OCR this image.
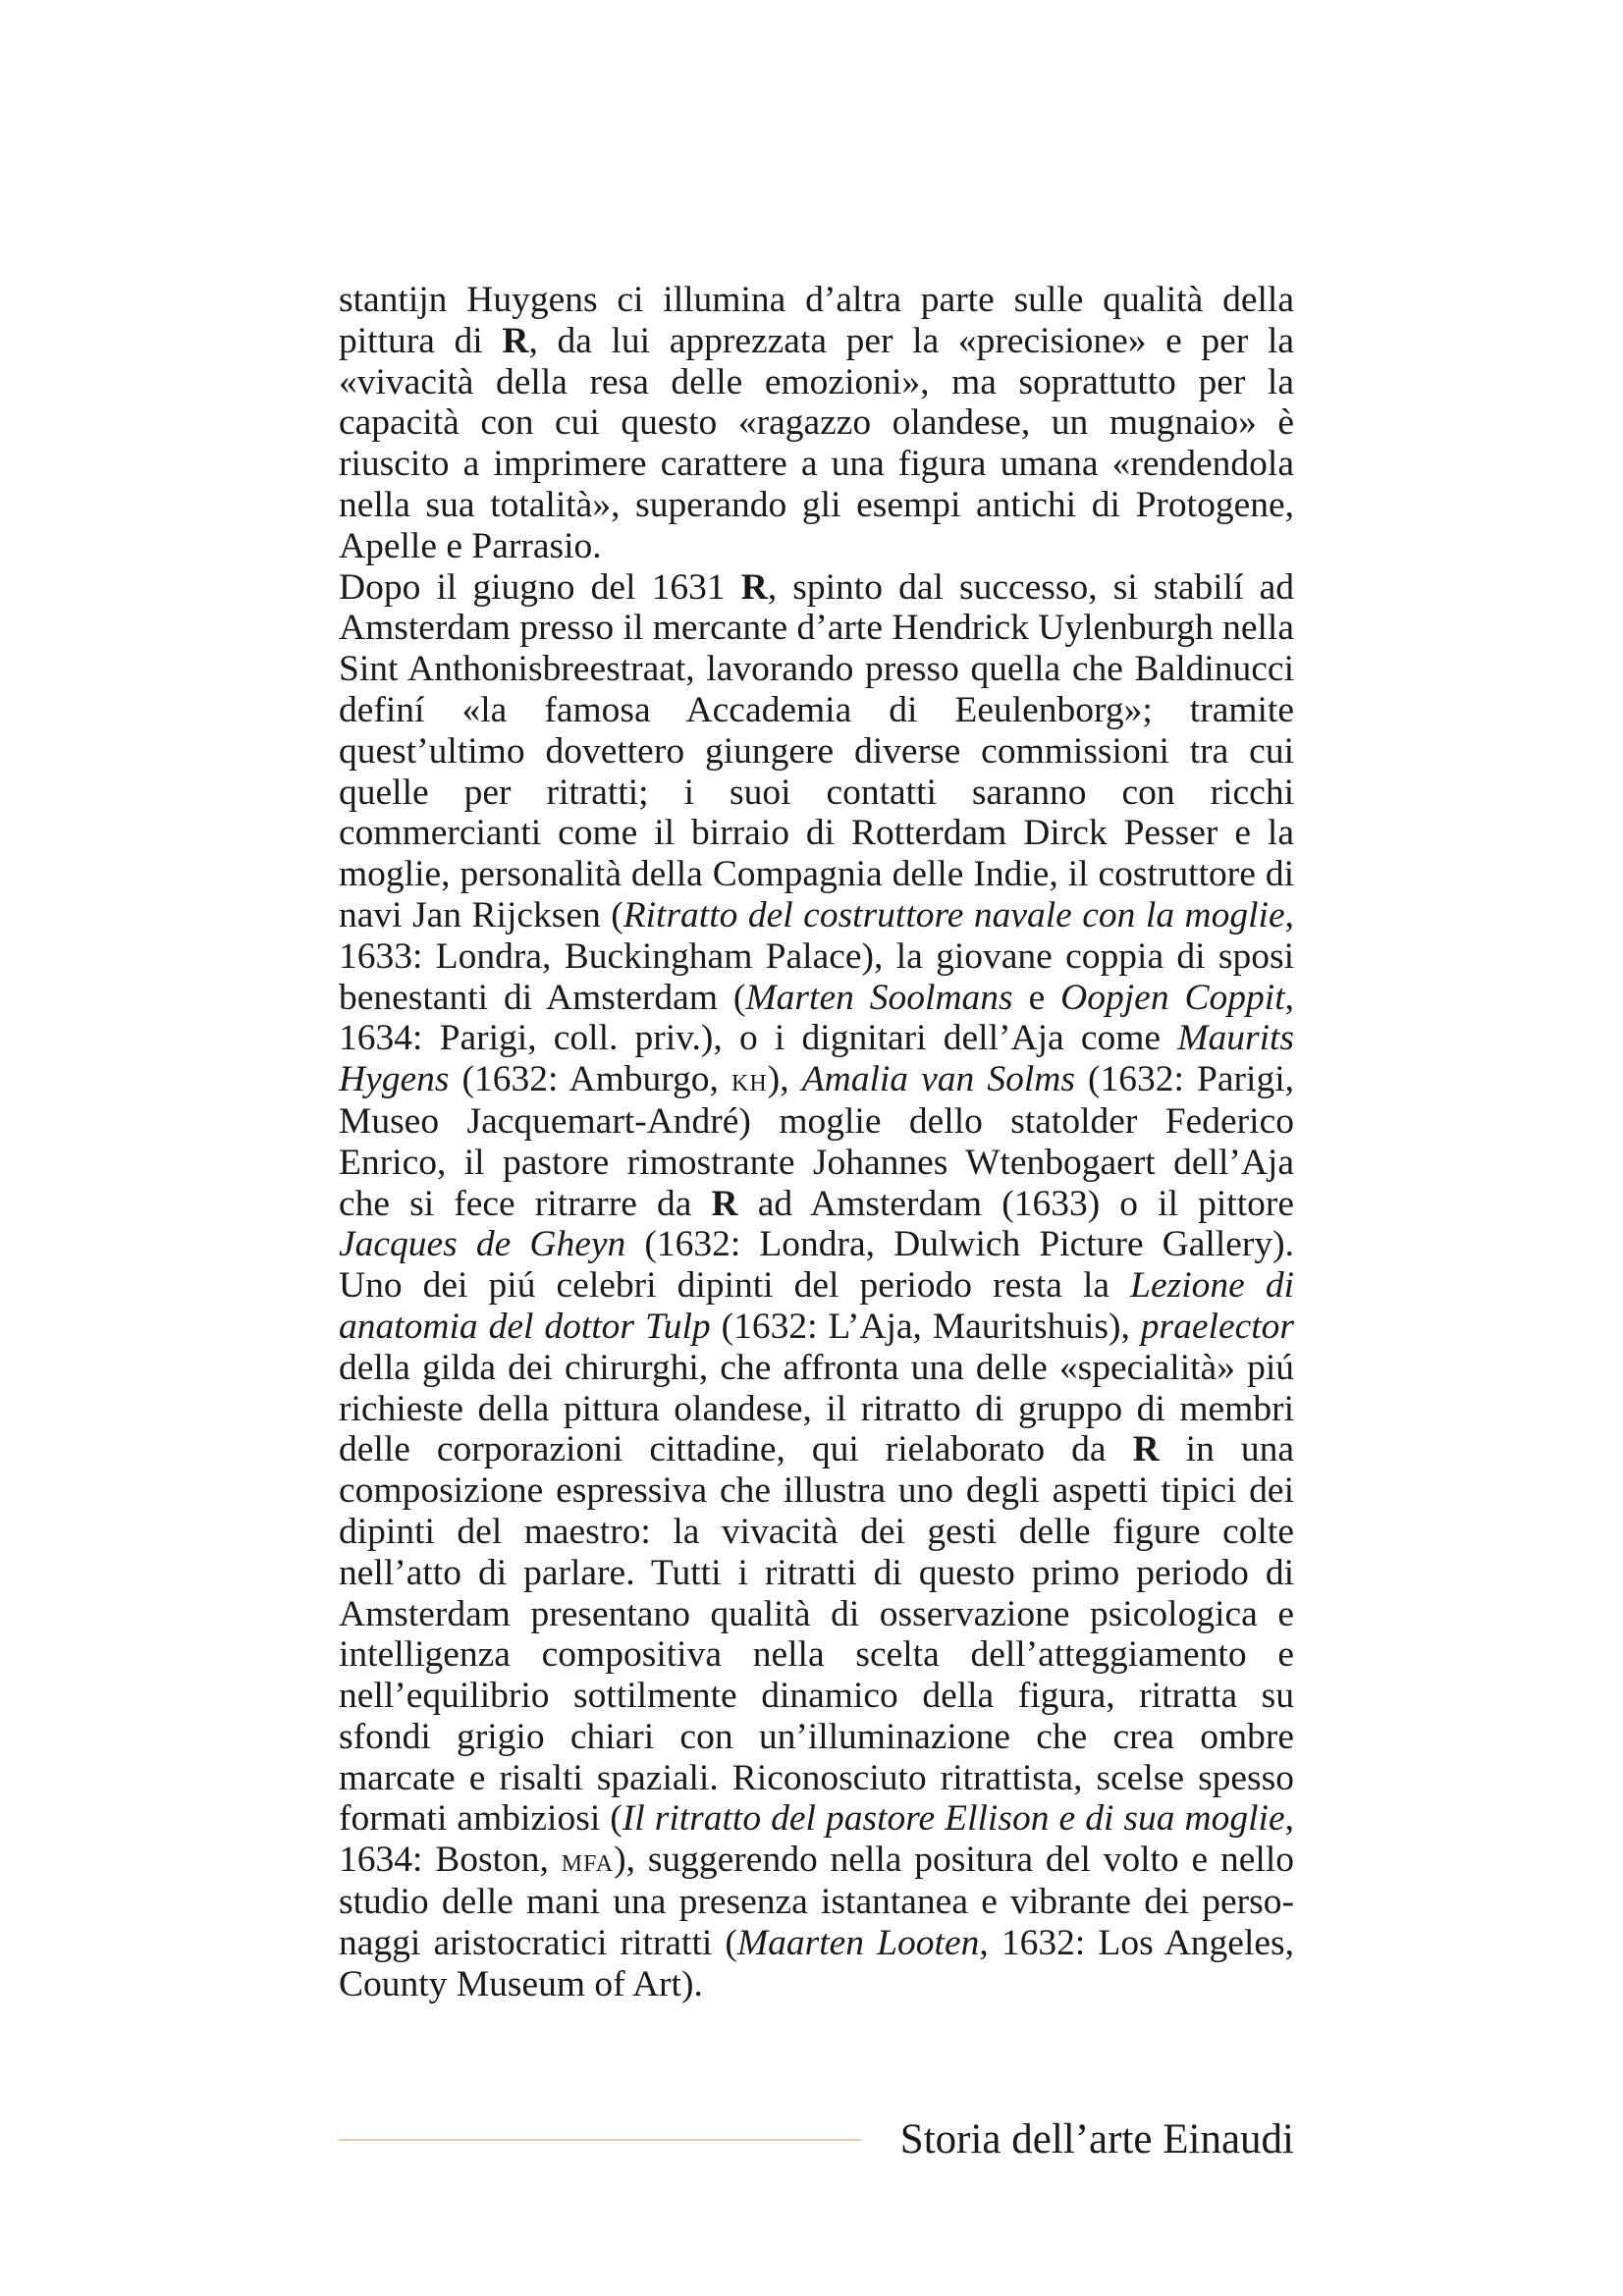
stantijn Huygens ci illumina d’altra parte sulle qualità della pittura di R, da lui apprezzata per la «precisione» e per la «vivacità della resa delle emozioni», ma soprattutto per la capacità con cui questo «ragazzo olandese, un mugnaio» è riuscito a imprimere carattere a una figura umana «rendendola nella sua totalità», superando gli esempi antichi di Protogene, Apelle e Parrasio.

Dopo il giugno del 1631 R, spinto dal successo, si stabilí ad Amsterdam presso il mercante d’arte Hendrick Uylenburgh nella Sint Anthonisbreestraat, lavorando presso quella che Baldinucci definí «la famosa Accademia di Eeulenborg»; tramite quest’ultimo dovettero giungere diverse commissioni tra cui quelle per ritratti; i suoi contatti saranno con ricchi commercianti come il birraio di Rotterdam Dirck Pesser e la moglie, personalità della Compagnia delle Indie, il costruttore di navi Jan Rijcksen (Ritratto del costruttore navale con la moglie, 1633: Londra, Buckingham Palace), la giovane coppia di sposi benestanti di Amsterdam (Marten Soolmans e Oopjen Coppit, 1634: Parigi, coll. priv.), o i dignitari dell’Aja come Maurits Hygens (1632: Amburgo, kh), Amalia van Solms (1632: Parigi, Museo Jacquemart-André) moglie dello statolder Federico Enrico, il pastore rimostrante Johannes Wtenbogaert dell’Aja che si fece ritrarre da R ad Amsterdam (1633) o il pittore Jacques de Gheyn (1632: Londra, Dulwich Picture Gallery). Uno dei piú celebri dipinti del periodo resta la Lezione di anatomia del dottor Tulp (1632: L’Aja, Mauritshuis), praelector della gilda dei chirurghi, che affronta una delle «specialità» piú richieste della pittura olandese, il ritratto di gruppo di membri delle corporazioni cittadine, qui rielaborato da R in una composizione espressiva che illustra uno degli aspetti tipici dei dipinti del maestro: la vivacità dei gesti delle figure colte nell’atto di parlare. Tutti i ritratti di questo primo periodo di Amsterdam presentano qualità di osservazione psicologica e intelligenza compositiva nella scelta dell’atteggiamento e nell’equilibrio sottilmente dinamico della figura, ritratta su sfondi grigio chiari con un’illuminazione che crea ombre marcate e risalti spaziali. Riconosciuto ritrattista, scelse spesso formati ambiziosi (Il ritratto del pastore Ellison e di sua moglie, 1634: Boston, mfa), suggerendo nella positura del volto e nello studio delle mani una presenza istantanea e vibrante dei personaggi aristocratici ritratti (Maarten Looten, 1632: Los Angeles, County Museum of Art).

Storia dell’arte Einaudi
